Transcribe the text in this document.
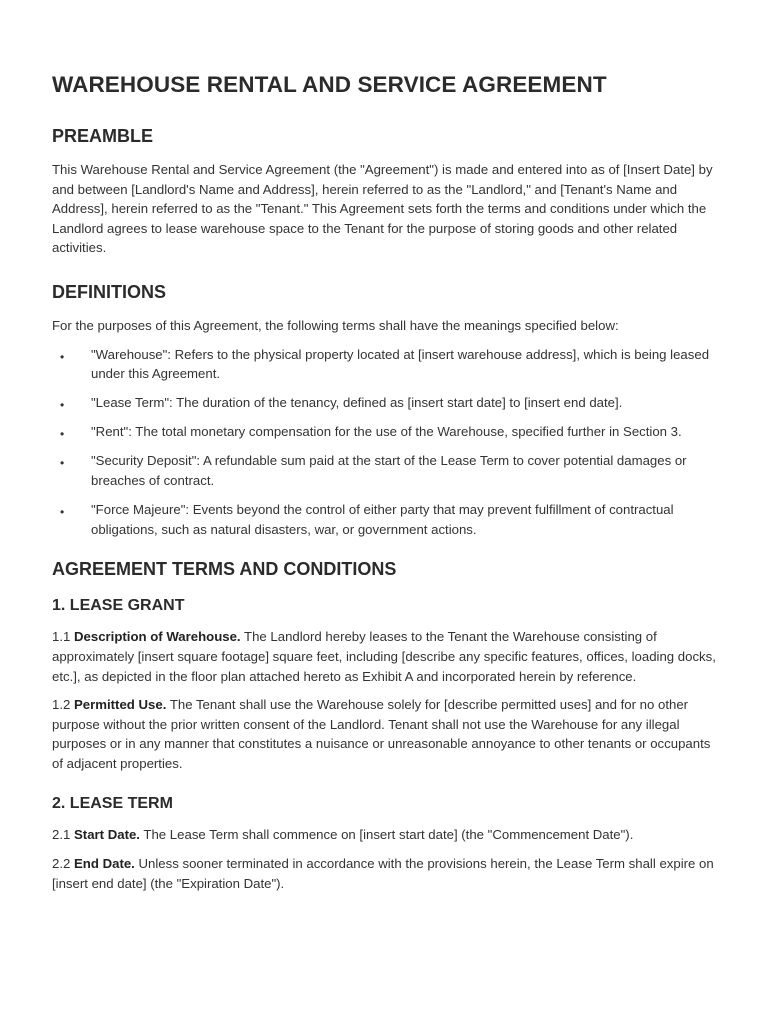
WAREHOUSE RENTAL AND SERVICE AGREEMENT
PREAMBLE

This Warehouse Rental and Service Agreement (the "Agreement") is made and entered into as of [Insert Date] by and between [Landlord's Name and Address], herein referred to as the "Landlord," and [Tenant's Name and Address], herein referred to as the "Tenant." This Agreement sets forth the terms and conditions under which the Landlord agrees to lease warehouse space to the Tenant for the purpose of storing goods and other related activities.

DEFINITIONS

For the purposes of this Agreement, the following terms shall have the meanings specified below:

• "Warehouse": Refers to the physical property located at [insert warehouse address], which is being leased under this Agreement.
• "Lease Term": The duration of the tenancy, defined as [insert start date] to [insert end date].
• "Rent": The total monetary compensation for the use of the Warehouse, specified further in Section 3.
• "Security Deposit": A refundable sum paid at the start of the Lease Term to cover potential damages or breaches of contract.
• "Force Majeure": Events beyond the control of either party that may prevent fulfillment of contractual obligations, such as natural disasters, war, or government actions.
AGREEMENT TERMS AND CONDITIONS
1. LEASE GRANT

1.1 Description of Warehouse. The Landlord hereby leases to the Tenant the Warehouse consisting of approximately [insert square footage] square feet, including [describe any specific features, offices, loading docks, etc.], as depicted in the floor plan attached hereto as Exhibit A and incorporated herein by reference.

1.2 Permitted Use. The Tenant shall use the Warehouse solely for [describe permitted uses] and for no other purpose without the prior written consent of the Landlord. Tenant shall not use the Warehouse for any illegal purposes or in any manner that constitutes a nuisance or unreasonable annoyance to other tenants or occupants of adjacent properties.

2. LEASE TERM

2.1 Start Date. The Lease Term shall commence on [insert start date] (the "Commencement Date").

2.2 End Date. Unless sooner terminated in accordance with the provisions herein, the Lease Term shall expire on [insert end date] (the "Expiration Date").
